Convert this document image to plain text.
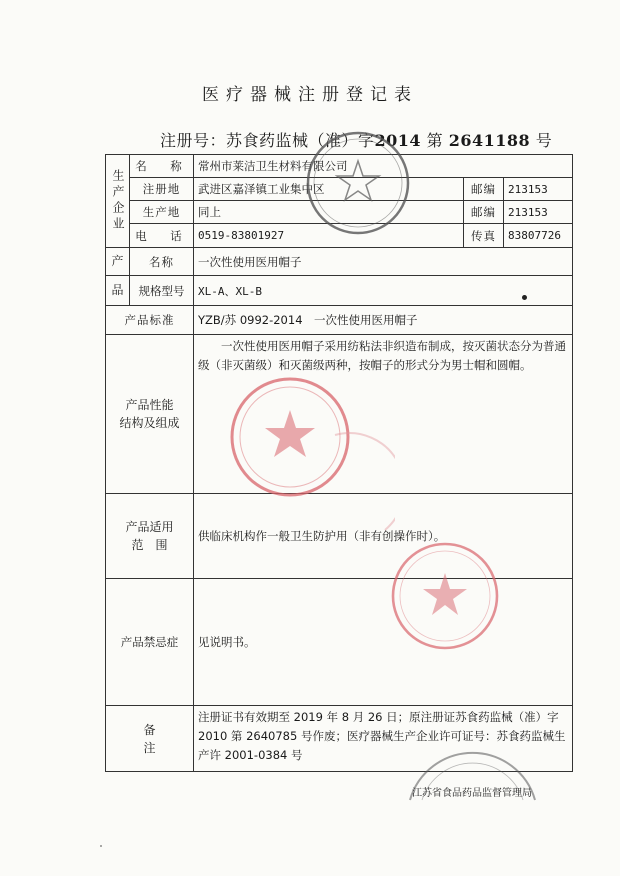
医疗器械注册登记表
注册号：苏食药监械（准）字2014 第 2641188 号
生产企业	名　称	常州市莱洁卫生材料有限公司		
	注册地	武进区嘉泽镇工业集中区	邮编	213153
	生产地	同上	邮编	213153
	电　话	0519-83801927	传真	83807726
产	名称	一次性使用医用帽子		
品	规格型号	XL-A、XL-B		
产品标准		YZB/苏 0992-2014　一次性使用医用帽子		

产品性能
结构及组成		一次性使用医用帽子采用纺粘法非织造布制成，按灭菌状态分为普通级（非灭菌级）和灭菌级两种，按帽子的形式分为男士帽和圆帽。		

产品适用
范　围		供临床机构作一般卫生防护用（非有创操作时）。		
产品禁忌症		见说明书。		

备
注		注册证书有效期至 2019 年 8 月 26 日；原注册证苏食药监械（准）字 2010 第 2640785 号作废；医疗器械生产企业许可证号：苏食药监械生产许 2001-0384 号		
江苏省食品药品监督管理局
